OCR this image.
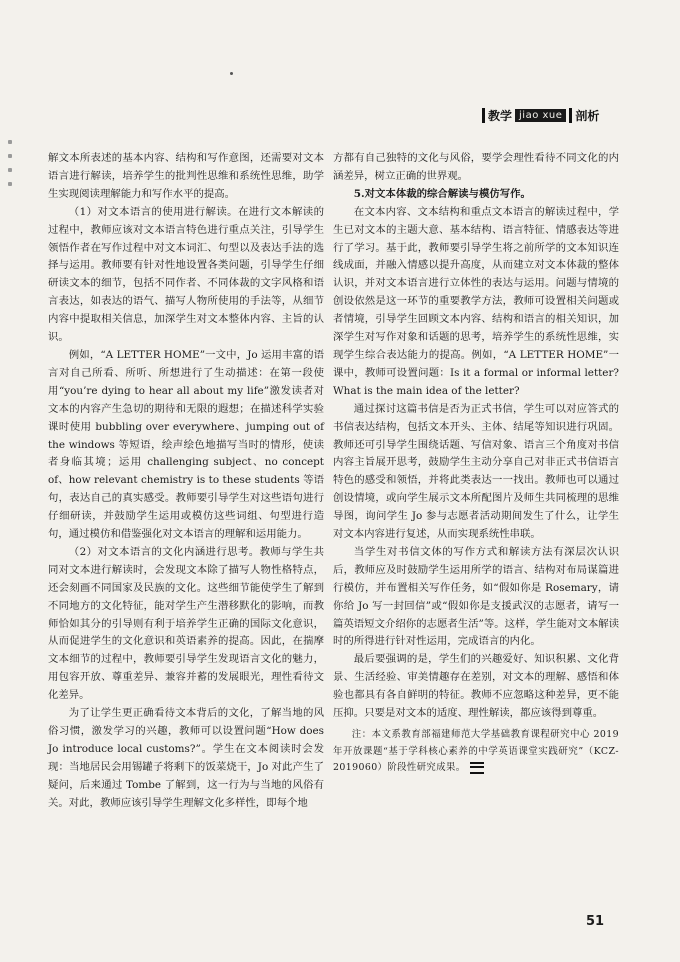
教学 jiao xue	剖析

解文本所表述的基本内容、结构和写作意图，还需要对文本语言进行解读，培养学生的批判性思维和系统性思维，助学生实现阅读理解能力和写作水平的提高。

（1）对文本语言的使用进行解读。在进行文本解读的过程中，教师应该对文本语言特色进行重点关注，引导学生领悟作者在写作过程中对文本词汇、句型以及表达手法的选择与运用。教师要有针对性地设置各类问题，引导学生仔细研读文本的细节，包括不同作者、不同体裁的文字风格和语言表达，如表达的语气、描写人物所使用的手法等，从细节内容中提取相关信息，加深学生对文本整体内容、主旨的认识。

例如，“A LETTER HOME”一文中，Jo 运用丰富的语言对自己所看、所听、所想进行了生动描述：在第一段使用“you’re dying to hear all about my life”激发读者对文本的内容产生急切的期待和无限的遐想；在描述科学实验课时使用 bubbling over everywhere、jumping out of the windows 等短语，绘声绘色地描写当时的情形，使读者身临其境；运用 challenging subject、no concept of、how relevant chemistry is to these students 等语句，表达自己的真实感受。教师要引导学生对这些语句进行仔细研读，并鼓励学生运用或模仿这些词组、句型进行造句，通过模仿和借鉴强化对文本语言的理解和运用能力。

（2）对文本语言的文化内涵进行思考。教师与学生共同对文本进行解读时，会发现文本除了描写人物性格特点，还会刻画不同国家及民族的文化。这些细节能使学生了解到不同地方的文化特征，能对学生产生潜移默化的影响，而教师恰如其分的引导则有利于培养学生正确的国际文化意识，从而促进学生的文化意识和英语素养的提高。因此，在揣摩文本细节的过程中，教师要引导学生发现语言文化的魅力，用包容开放、尊重差异、兼容并蓄的发展眼光，理性看待文化差异。

为了让学生更正确看待文本背后的文化，了解当地的风俗习惯，激发学习的兴趣，教师可以设置问题“How does Jo introduce local customs?”。学生在文本阅读时会发现：当地居民会用锡罐子将剩下的饭菜烧干，Jo 对此产生了疑问，后来通过 Tombe 了解到，这一行为与当地的风俗有关。对此，教师应该引导学生理解文化多样性，即每个地

方都有自己独特的文化与风俗，要学会理性看待不同文化的内涵差异，树立正确的世界观。

5.对文本体裁的综合解读与模仿写作。

在文本内容、文本结构和重点文本语言的解读过程中，学生已对文本的主题大意、基本结构、语言特征、情感表达等进行了学习。基于此，教师要引导学生将之前所学的文本知识连线成面，并融入情感以提升高度，从而建立对文本体裁的整体认识，并对文本语言进行立体性的表达与运用。问题与情境的创设依然是这一环节的重要教学方法，教师可设置相关问题或者情境，引导学生回顾文本内容、结构和语言的相关知识，加深学生对写作对象和话题的思考，培养学生的系统性思维，实现学生综合表达能力的提高。例如，“A LETTER HOME”一课中，教师可设置问题：Is it a formal or informal letter? What is the main idea of the letter?

通过探讨这篇书信是否为正式书信，学生可以对应答式的书信表达结构，包括文本开头、主体、结尾等知识进行巩固。教师还可引导学生围绕话题、写信对象、语言三个角度对书信内容主旨展开思考，鼓励学生主动分享自己对非正式书信语言特色的感受和领悟，并将此类表达一一找出。教师也可以通过创设情境，或向学生展示文本所配图片及师生共同梳理的思维导图，询问学生 Jo 参与志愿者活动期间发生了什么，让学生对文本内容进行复述，从而实现系统性串联。

当学生对书信文体的写作方式和解读方法有深层次认识后，教师应及时鼓励学生运用所学的语言、结构对布局谋篇进行模仿，并布置相关写作任务，如“假如你是 Rosemary，请你给 Jo 写一封回信”或“假如你是支援武汉的志愿者，请写一篇英语短文介绍你的志愿者生活”等。这样，学生能对文本解读时的所得进行针对性运用，完成语言的内化。

最后要强调的是，学生们的兴趣爱好、知识积累、文化背景、生活经验、审美情趣存在差别，对文本的理解、感悟和体验也都具有各自鲜明的特征。教师不应忽略这种差异，更不能压抑。只要是对文本的适度、理性解读，都应该得到尊重。

注：本文系教育部福建师范大学基础教育课程研究中心 2019 年开放课题“基于学科核心素养的中学英语课堂实践研究”（KCZ-2019060）阶段性研究成果。

51
